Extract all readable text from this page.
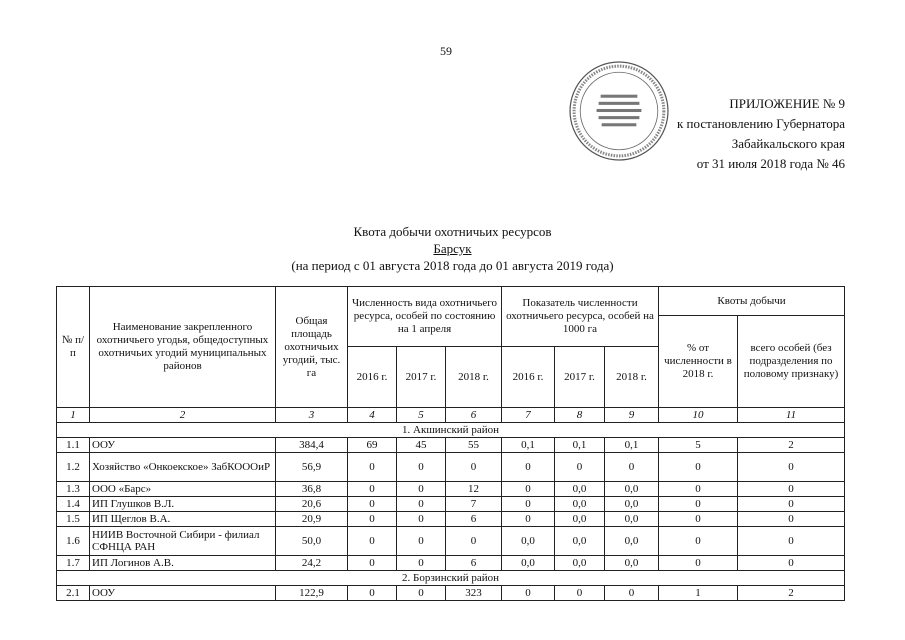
59
ПРИЛОЖЕНИЕ № 9
к постановлению Губернатора
Забайкальского края
от 31 июля 2018 года № 46
Квота добычи охотничьих ресурсов
Барсук
(на период с 01 августа 2018 года до 01 августа 2019 года)
№ п/п	Наименование закрепленного охотничьего угодья, общедоступных охотничьих угодий муниципальных районов	Общая площадь охотничьих угодий, тыс. га	Численность вида охотничьего ресурса, особей по состоянию на 1 апреля			Показатель численности охотничьего ресурса, особей на 1000 га			Квоты добычи	
									% от численности в 2018 г.	всего особей (без подразделения по половому признаку)
			2016 г.	2017 г.	2018 г.	2016 г.	2017 г.	2018 г.		
1	2	3	4	5	6	7	8	9	10	11
1. Акшинский район										
1.1	ООУ	384,4	69	45	55	0,1	0,1	0,1	5	2
1.2	Хозяйство «Онкоекское» ЗабКОООиР	56,9	0	0	0	0	0	0	0	0
1.3	ООО «Барс»	36,8	0	0	12	0	0,0	0,0	0	0
1.4	ИП Глушков В.Л.	20,6	0	0	7	0	0,0	0,0	0	0
1.5	ИП Щеглов В.А.	20,9	0	0	6	0	0,0	0,0	0	0
1.6	НИИВ Восточной Сибири - филиал СФНЦА РАН	50,0	0	0	0	0,0	0,0	0,0	0	0
1.7	ИП Логинов А.В.	24,2	0	0	6	0,0	0,0	0,0	0	0
2. Борзинский район										
2.1	ООУ	122,9	0	0	323	0	0	0	1	2
